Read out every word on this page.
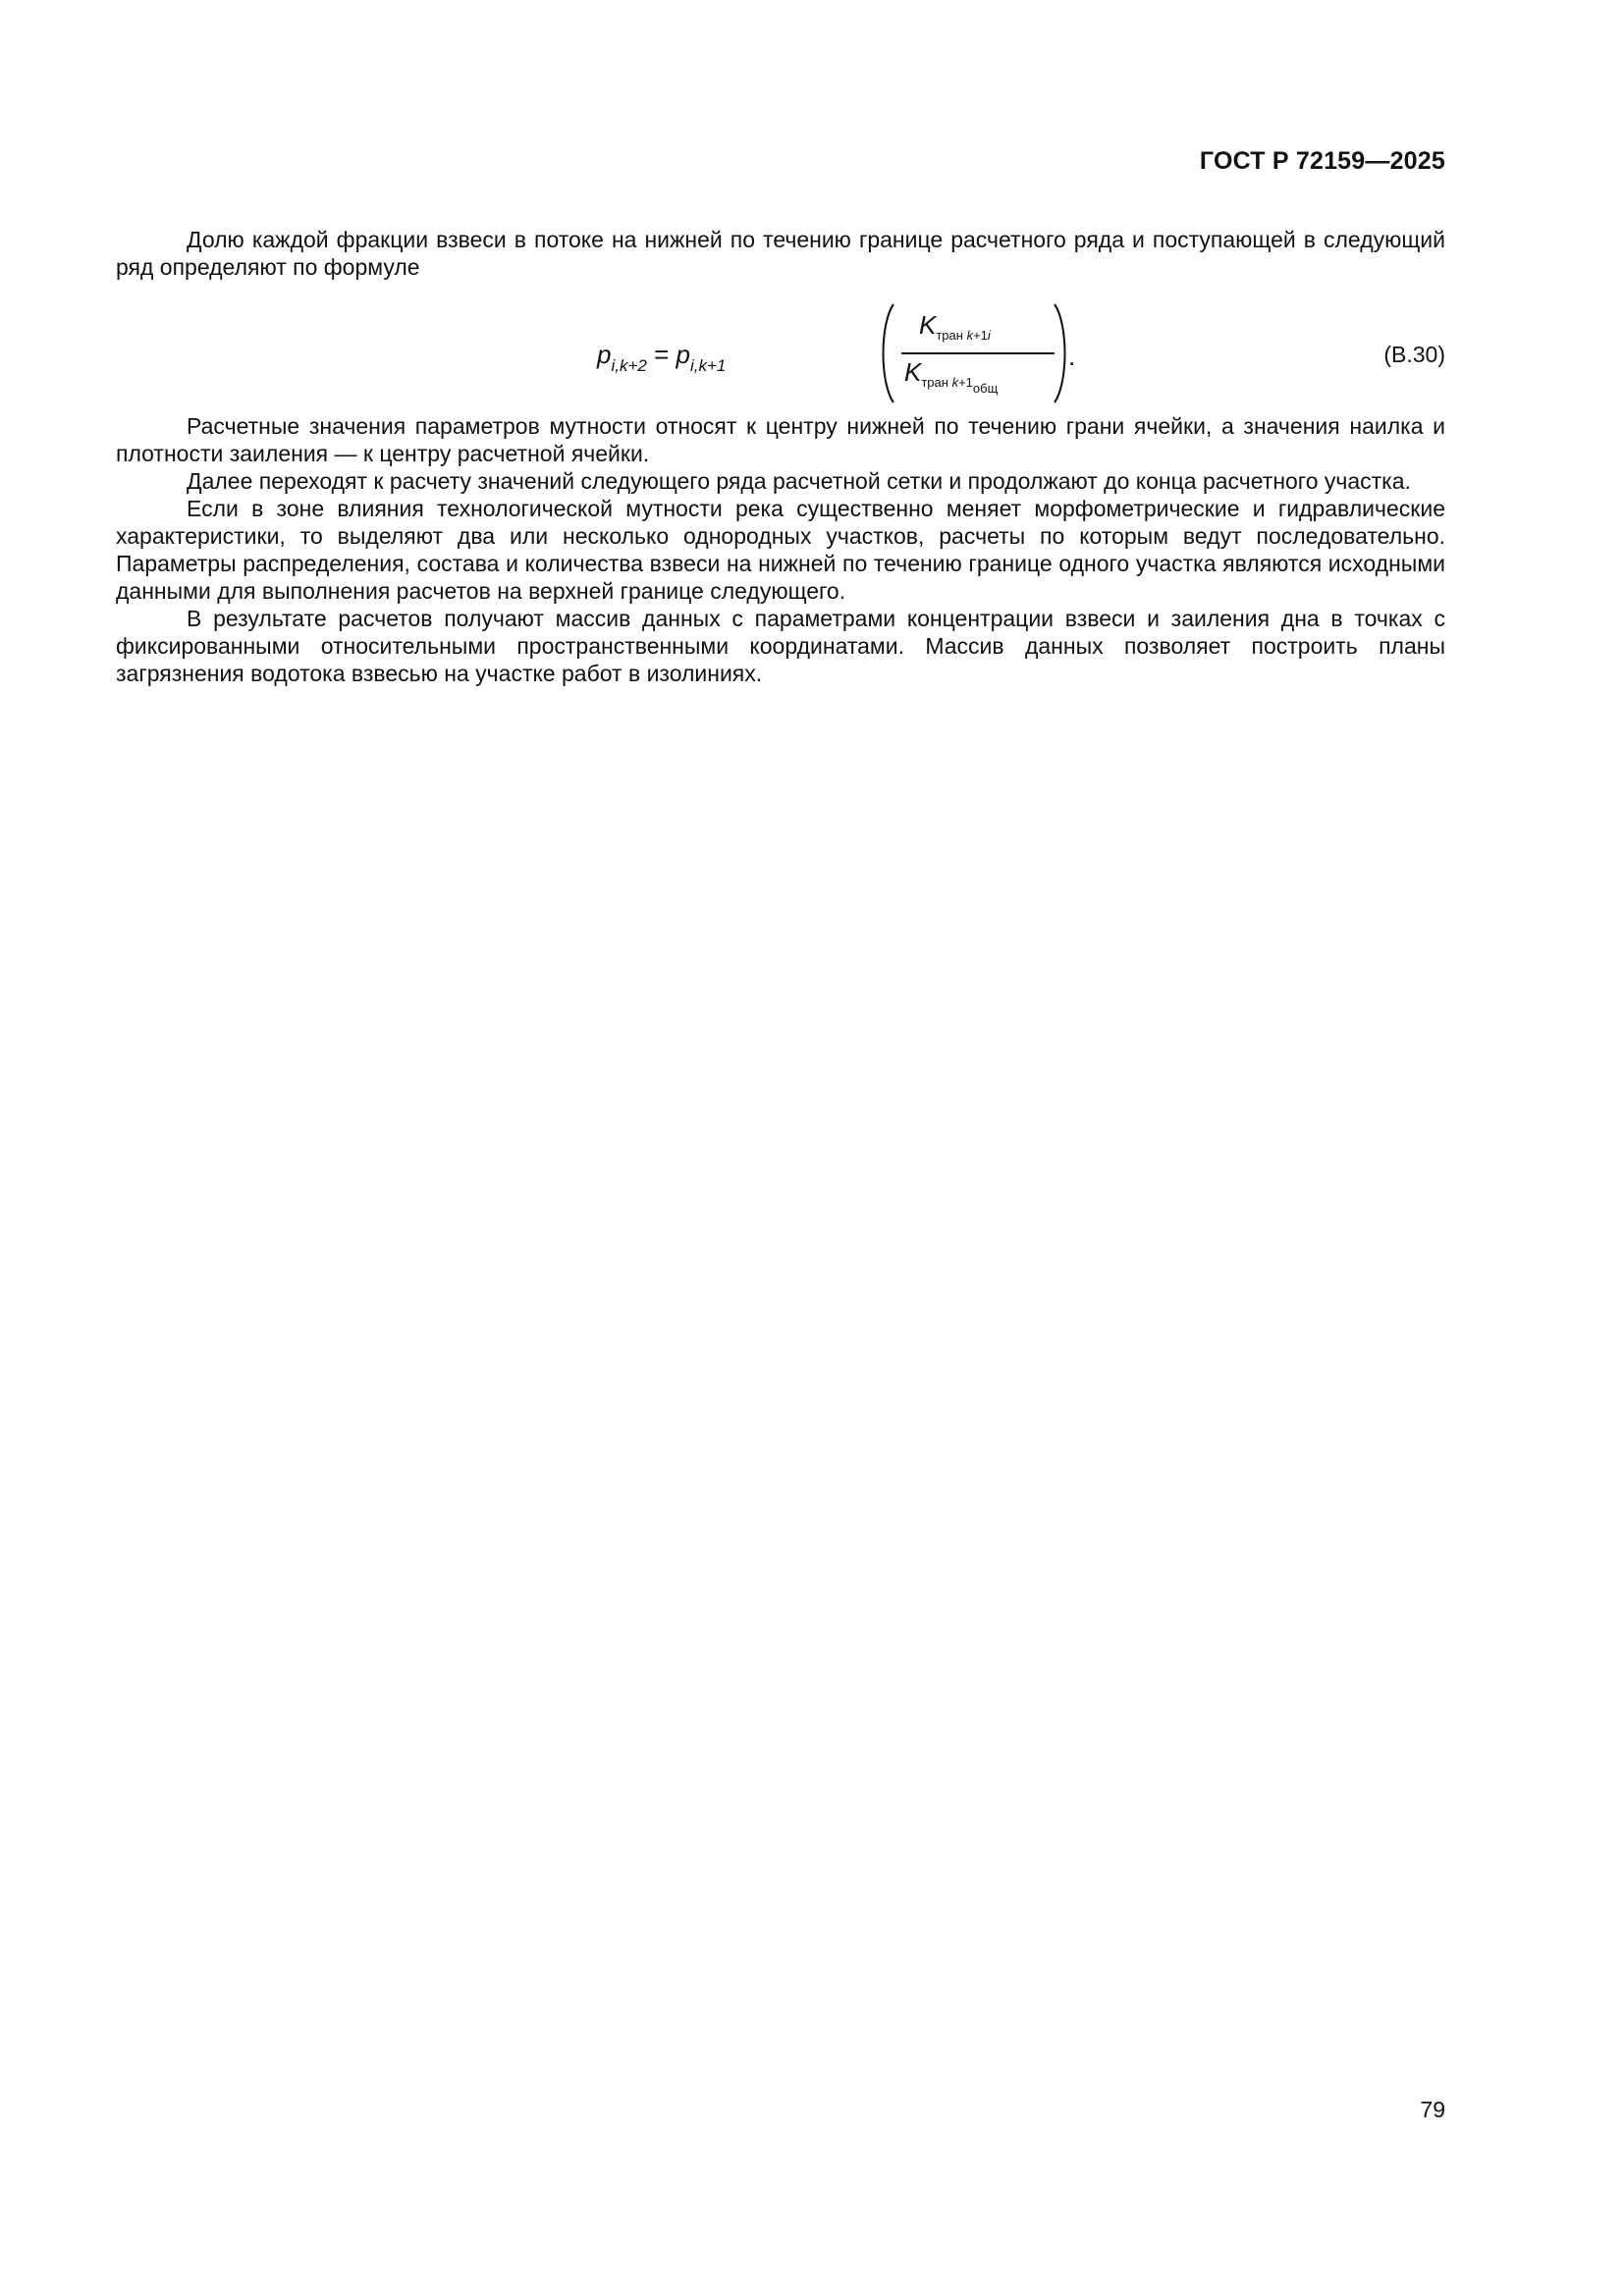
ГОСТ Р 72159—2025

Долю каждой фракции взвеси в потоке на нижней по течению границе расчетного ряда и поступающей в следующий ряд определяют по формуле

$p_{i,k+2} = p_{i,k+1}$
$K_{тран k+1i}$
$K_{тран k+1общ}$
.	(В.30)

Расчетные значения параметров мутности относят к центру нижней по течению грани ячейки, а значения наилка и плотности заиления — к центру расчетной ячейки.

Далее переходят к расчету значений следующего ряда расчетной сетки и продолжают до конца расчетного участка.

Если в зоне влияния технологической мутности река существенно меняет морфометрические и гидравлические характеристики, то выделяют два или несколько однородных участков, расчеты по которым ведут последовательно. Параметры распределения, состава и количества взвеси на нижней по течению границе одного участка являются исходными данными для выполнения расчетов на верхней границе следующего.

В результате расчетов получают массив данных с параметрами концентрации взвеси и заиления дна в точках с фиксированными относительными пространственными координатами. Массив данных позволяет построить планы загрязнения водотока взвесью на участке работ в изолиниях.

79
